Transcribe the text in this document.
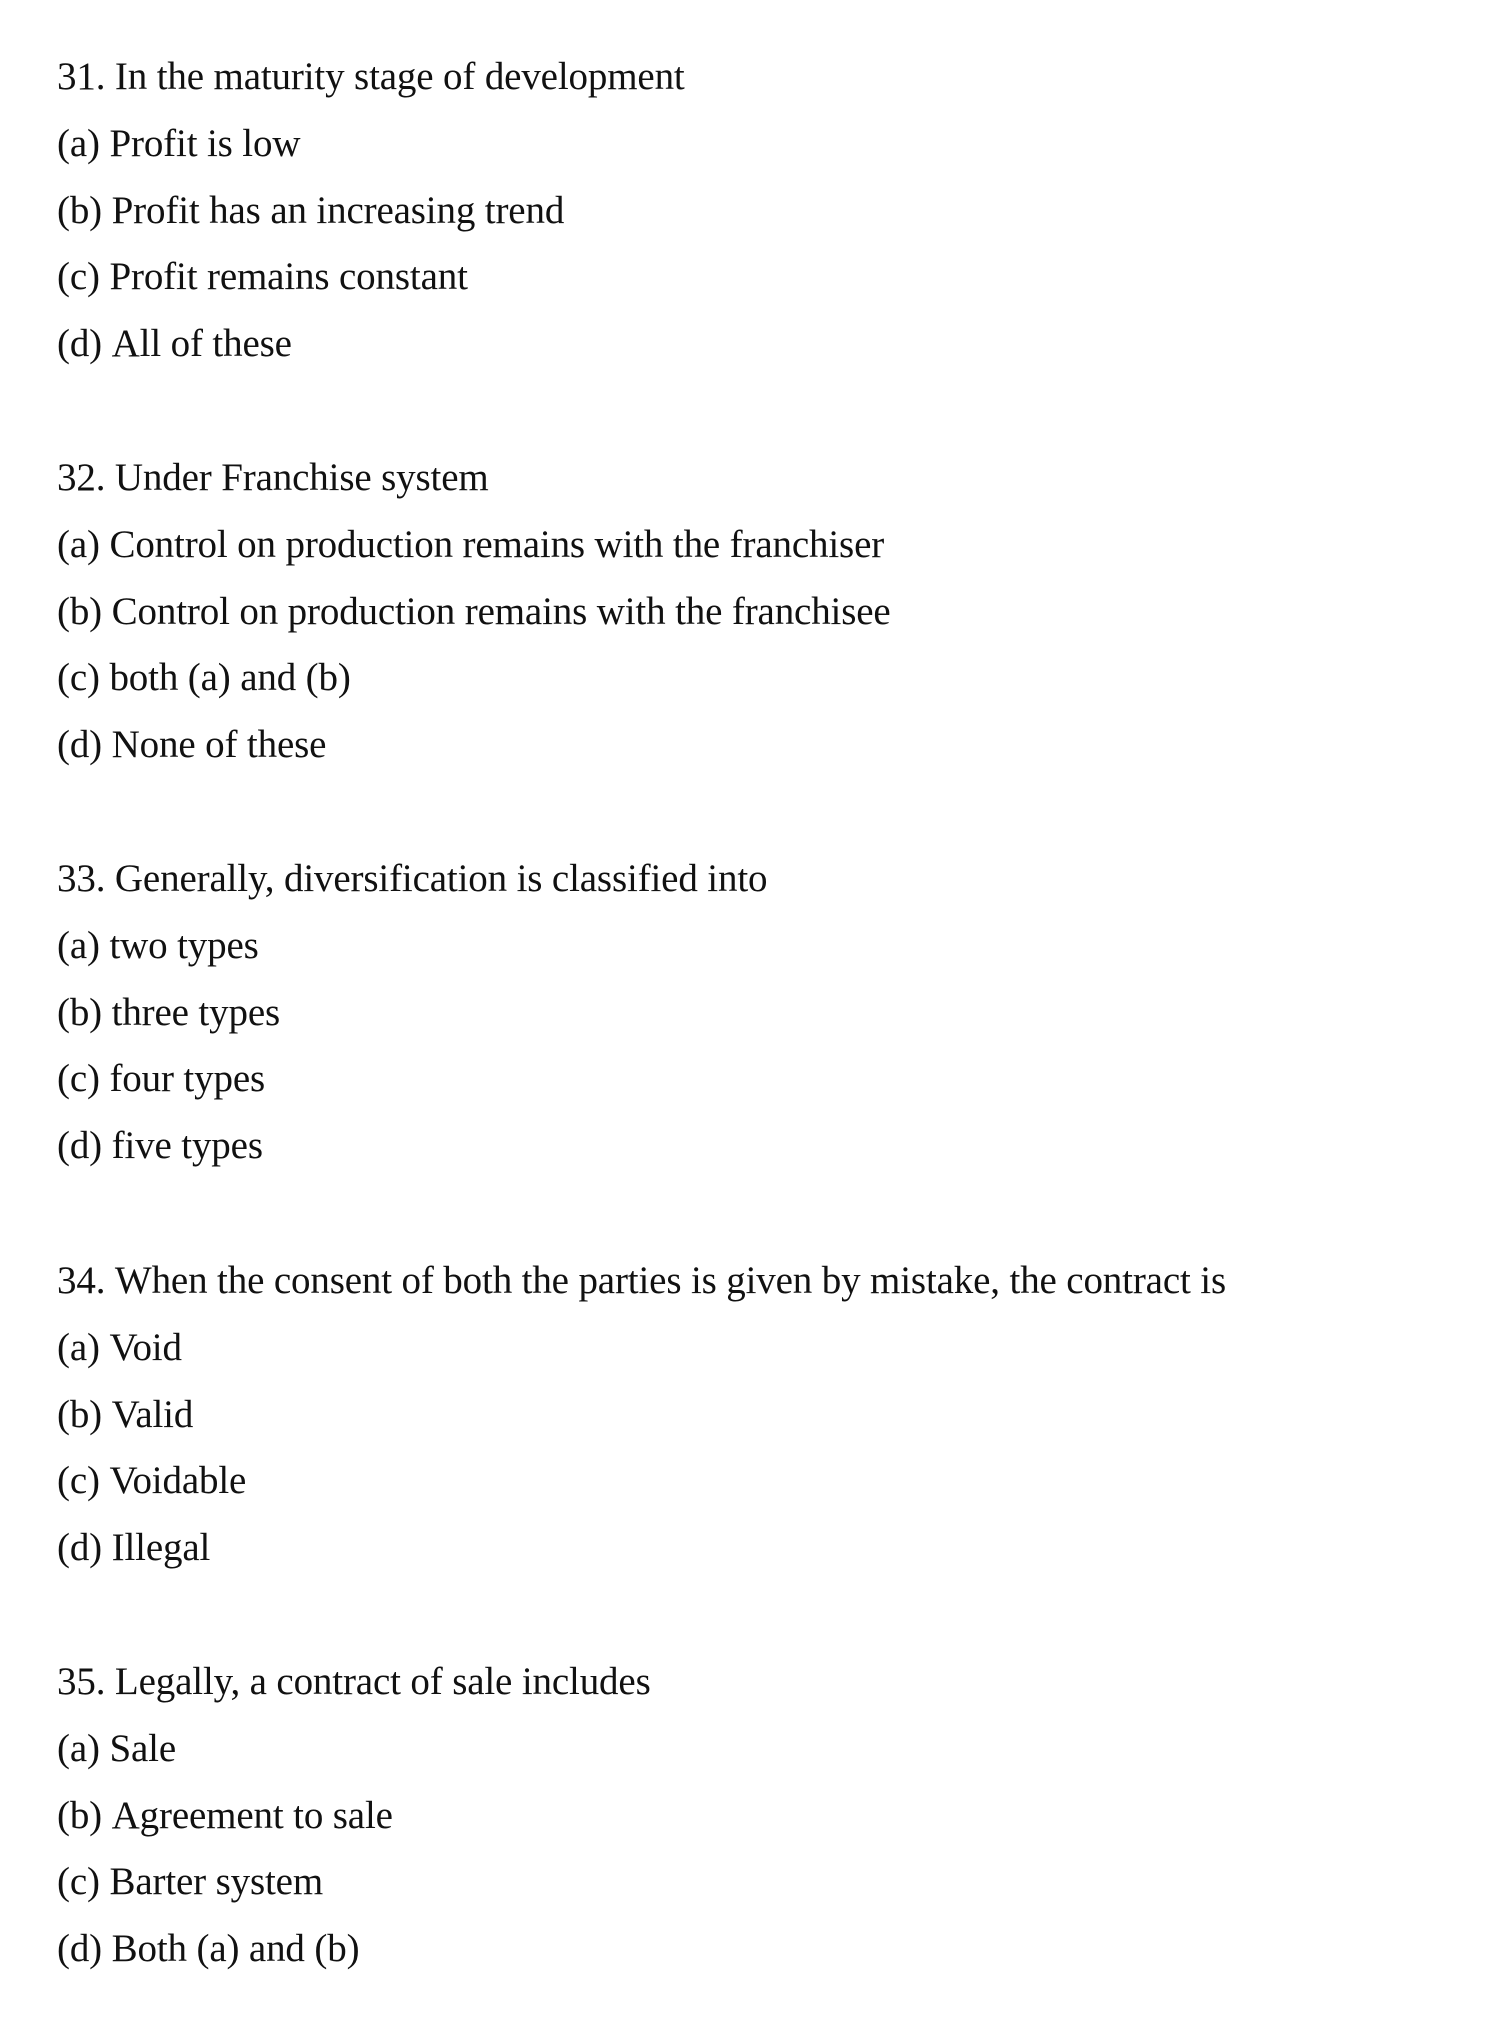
31. In the maturity stage of development
(a) Profit is low
(b) Profit has an increasing trend
(c) Profit remains constant
(d) All of these
32. Under Franchise system
(a) Control on production remains with the franchiser
(b) Control on production remains with the franchisee
(c) both (a) and (b)
(d) None of these
33. Generally, diversification is classified into
(a) two types
(b) three types
(c) four types
(d) five types
34. When the consent of both the parties is given by mistake, the contract is
(a) Void
(b) Valid
(c) Voidable
(d) Illegal
35. Legally, a contract of sale includes
(a) Sale
(b) Agreement to sale
(c) Barter system
(d) Both (a) and (b)
